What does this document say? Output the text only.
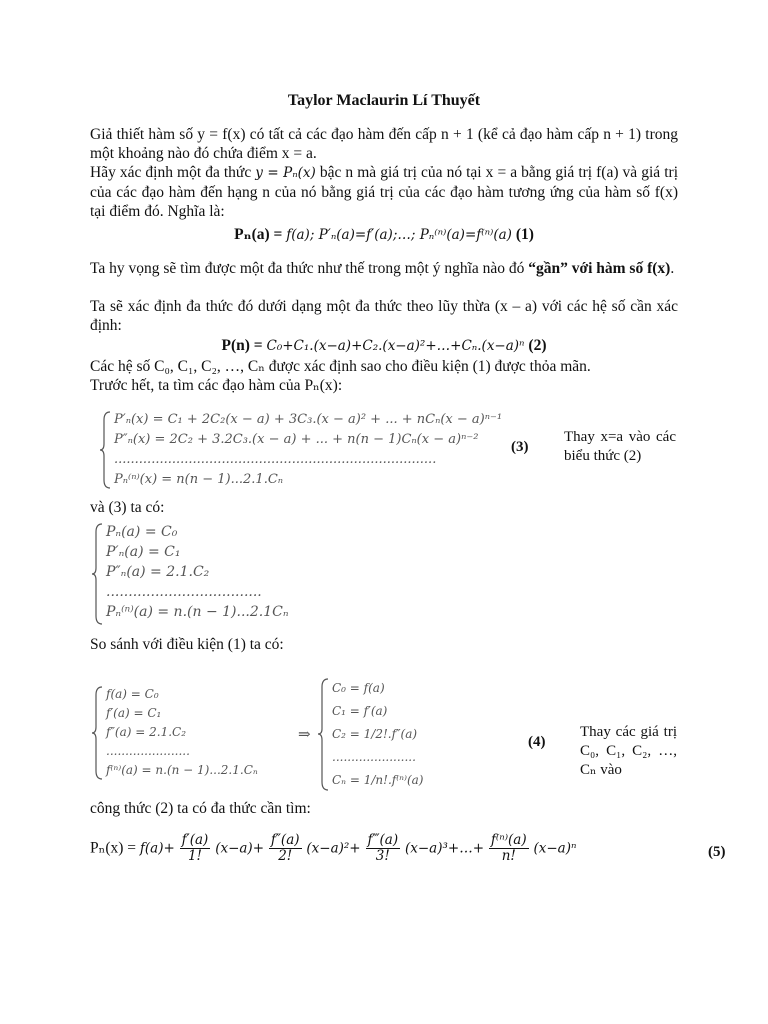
Taylor Maclaurin Lí Thuyết
Giả thiết hàm số y = f(x) có tất cả các đạo hàm đến cấp n + 1 (kể cả đạo hàm cấp n + 1) trong một khoảng nào đó chứa điểm x = a.
Hãy xác định một đa thức y = Pₙ(x) bậc n mà giá trị của nó tại x = a bằng giá trị f(a) và giá trị của các đạo hàm đến hạng n của nó bằng giá trị của các đạo hàm tương ứng của hàm số f(x) tại điểm đó. Nghĩa là:
Pₙ(a) = f(a); P′ₙ(a)=f′(a);…; Pₙ⁽ⁿ⁾(a)=f⁽ⁿ⁾(a) (1)
Ta hy vọng sẽ tìm được một đa thức như thế trong một ý nghĩa nào đó “gần” với hàm số f(x).
Ta sẽ xác định đa thức đó dưới dạng một đa thức theo lũy thừa (x – a) với các hệ số cần xác định:
P(n) = C₀+C₁.(x−a)+C₂.(x−a)²+…+Cₙ.(x−a)ⁿ (2)
Các hệ số C₀, C₁, C₂, …, Cₙ được xác định sao cho điều kiện (1) được thỏa mãn.
Trước hết, ta tìm các đạo hàm của Pₙ(x):
P′ₙ(x) = C₁ + 2C₂(x − a) + 3C₃.(x − a)² + ... + nCₙ(x − a)ⁿ⁻¹
P″ₙ(x) = 2C₂ + 3.2C₃.(x − a) + ... + n(n − 1)Cₙ(x − a)ⁿ⁻²
..............................................................................
Pₙ⁽ⁿ⁾(x) = n(n − 1)...2.1.Cₙ
(3)
Thay x=a vào các biểu thức (2)
và (3) ta có:
Pₙ(a) = C₀
P′ₙ(a) = C₁
P″ₙ(a) = 2.1.C₂
...................................
Pₙ⁽ⁿ⁾(a) = n.(n − 1)...2.1Cₙ
So sánh với điều kiện (1) ta có:
f(a) = C₀
f′(a) = C₁
f″(a) = 2.1.C₂
......................
f⁽ⁿ⁾(a) = n.(n − 1)...2.1.Cₙ
⇒
C₀ = f(a)
C₁ = f′(a)
C₂ = 1/2!.f″(a)
......................
Cₙ = 1/n!.f⁽ⁿ⁾(a)
(4)
Thay các giá trị C₀, C₁, C₂, …, Cₙ vào
công thức (2) ta có đa thức cần tìm:
$P_n(x) = f(a)+ \frac{f'(a)}{1!} (x-a)+ \frac{f''(a)}{2!} (x-a)^2+ \frac{f‴(a)}{3!}$ (x−a)³+…+ $\frac{\text{f⁽ⁿ⁾(a)}}{n!} (x-a)^n$	(5)
